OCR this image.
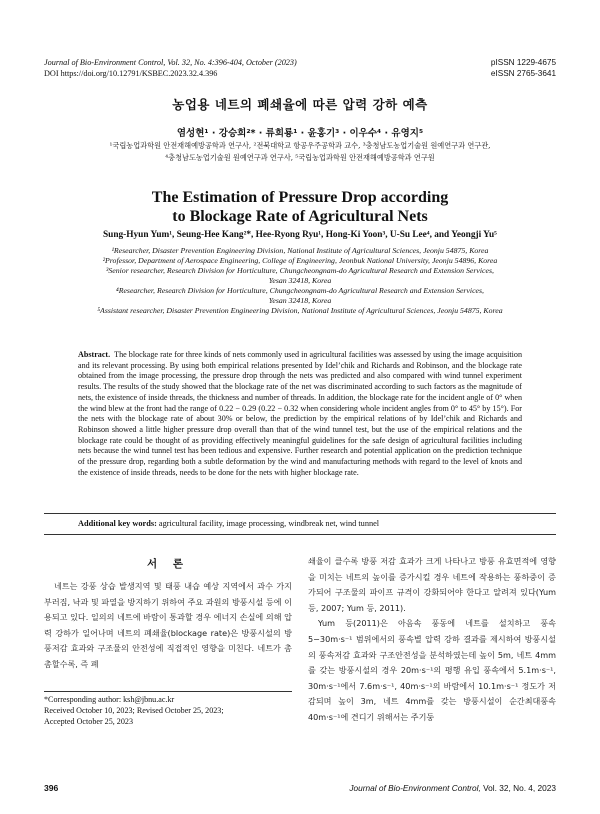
Journal of Bio-Environment Control, Vol. 32, No. 4:396-404, October (2023)
DOI https://doi.org/10.12791/KSBEC.2023.32.4.396
pISSN 1229-4675
eISSN 2765-3641
농업용 네트의 폐쇄율에 따른 압력 강하 예측
염성현¹ · 강승희²* · 류희룡¹ · 윤홍기³ · 이우수⁴ · 유영지⁵
¹국립농업과학원 안전재해예방공학과 연구사, ²전북대학교 항공우주공학과 교수, ³충청남도농업기술원 원예연구과 연구관,
⁴충청남도농업기술원 원예연구과 연구사, ⁵국립농업과학원 안전재해예방공학과 연구원
The Estimation of Pressure Drop according
to Blockage Rate of Agricultural Nets
Sung-Hyun Yum¹, Seung-Hee Kang²*, Hee-Ryong Ryu¹, Hong-Ki Yoon³, U-Su Lee⁴, and Yeongji Yu⁵
¹Researcher, Disaster Prevention Engineering Division, National Institute of Agricultural Sciences, Jeonju 54875, Korea
²Professor, Department of Aerospace Engineering, College of Engineering, Jeonbuk National University, Jeonju 54896, Korea
³Senior researcher, Research Division for Horticulture, Chungcheongnam-do Agricultural Research and Extension Services,
Yesan 32418, Korea
⁴Researcher, Research Division for Horticulture, Chungcheongnam-do Agricultural Research and Extension Services,
Yesan 32418, Korea
⁵Assistant researcher, Disaster Prevention Engineering Division, National Institute of Agricultural Sciences, Jeonju 54875, Korea
Abstract. The blockage rate for three kinds of nets commonly used in agricultural facilities was assessed by using the image acquisition and its relevant processing. By using both empirical relations presented by Idel’chik and Richards and Robinson, and the blockage rate obtained from the image processing, the pressure drop through the nets was predicted and also compared with wind tunnel experiment results. The results of the study showed that the blockage rate of the net was discriminated according to such factors as the magnitude of nets, the existence of inside threads, the thickness and number of threads. In addition, the blockage rate for the incident angle of 0° when the wind blew at the front had the range of 0.22 − 0.29 (0.22 − 0.32 when considering whole incident angles from 0° to 45° by 15°). For the nets with the blockage rate of about 30% or below, the prediction by the empirical relations of by Idel’chik and Richards and Robinson showed a little higher pressure drop overall than that of the wind tunnel test, but the use of the empirical relations and the blockage rate could be thought of as providing effectively meaningful guidelines for the safe design of agricultural facilities including nets because the wind tunnel test has been tedious and expensive. Further research and potential application on the prediction technique of the pressure drop, regarding both a subtle deformation by the wind and manufacturing methods with regard to the level of knots and the existence of inside threads, needs to be done for the nets with higher blockage rate.
Additional key words: agricultural facility, image processing, windbreak net, wind tunnel
서 론

네트는 강풍 상습 발생지역 및 태풍 내습 예상 지역에서 과수 가지 부러짐, 낙과 및 파열을 방지하기 위하여 주요 과원의 방풍시설 등에 이용되고 있다. 일의의 네트에 바람이 통과할 경우 에너지 손실에 의해 압력 강하가 일어나며 네트의 폐쇄율(blockage rate)은 방풍시설의 방풍저감 효과와 구조물의 안전성에 직접적인 영향을 미친다. 네트가 촘촘할수록, 즉 폐

쇄율이 클수록 방풍 저감 효과가 크게 나타나고 방풍 유효면적에 영향을 미치는 네트의 높이를 증가시킬 경우 네트에 작용하는 풍하중이 증가되어 구조물의 파이프 규격이 강화되어야 한다고 알려져 있다(Yum 등, 2007; Yum 등, 2011).

Yum 등(2011)은 아음속 풍동에 네트를 설치하고 풍속 5−30m·s⁻¹ 범위에서의 풍속별 압력 강하 결과를 제시하여 방풍시설의 풍속저감 효과와 구조안전성을 분석하였는데 높이 5m, 네트 4mm를 갖는 방풍시설의 경우 20m·s⁻¹의 평행 유입 풍속에서 5.1m·s⁻¹, 30m·s⁻¹에서 7.6m·s⁻¹, 40m·s⁻¹의 바람에서 10.1m·s⁻¹ 정도가 저감되며 높이 3m, 네트 4mm를 갖는 방풍시설이 순간최대풍속 40m·s⁻¹에 견디기 위해서는 주기둥

*Corresponding author: ksh@jbnu.ac.kr
Received October 10, 2023; Revised October 25, 2023;
Accepted October 25, 2023
396	Journal of Bio-Environment Control, Vol. 32, No. 4, 2023
